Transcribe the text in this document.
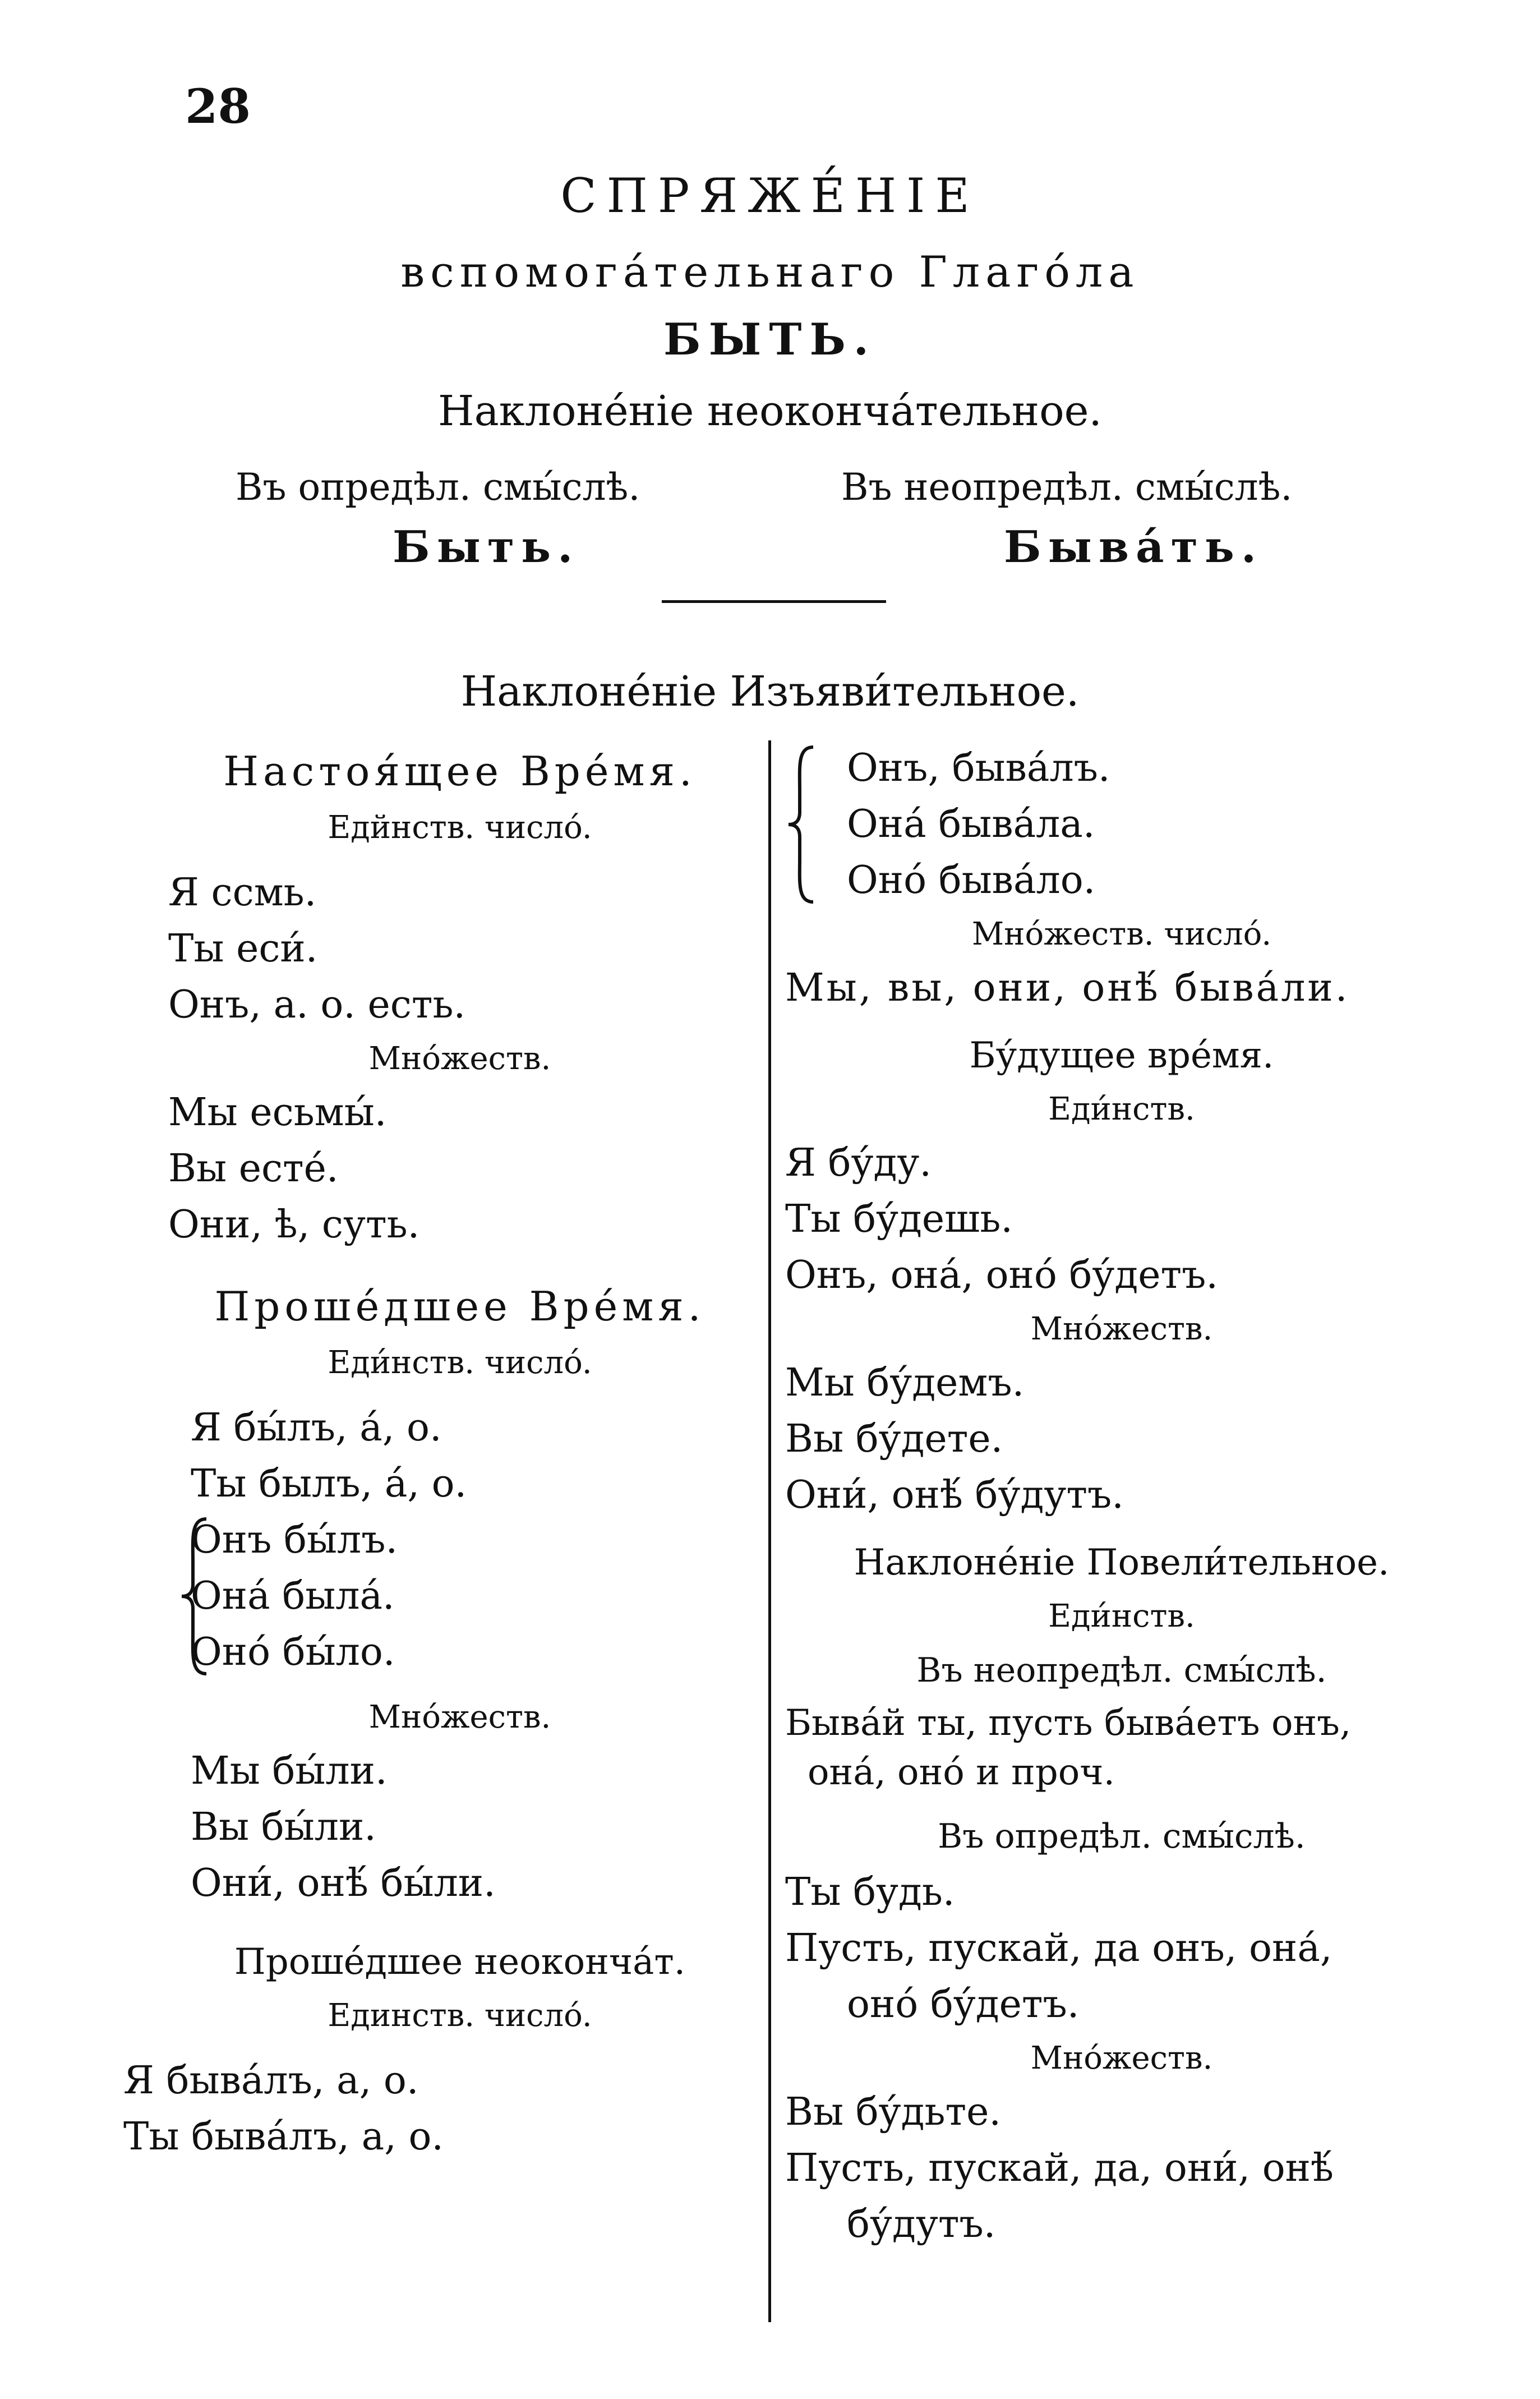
28
СПРЯЖЕ́НІЕ
вспомога́тельнаго Глаго́ла
БЫТЬ.
Наклоне́ніе неоконча́тельное.
Въ опредѣл. смы́слѣ.	Въ неопредѣл. смы́слѣ.
Быть.	Быва́ть.
Наклоне́ніе Изъяви́тельное.
Настоя́щее Вре́мя.
Едйнств. числó.
Я ссмь.
Ты еси́.
Онъ, а. о. есть.
Мнóжеств.
Мы есьмы́.
Вы есте́.
Они, ѣ, суть.
Проше́дшее Вре́мя.
Еди́нств. числó.
Я бы́лъ, а́, о.
Ты былъ, а́, о.
Онъ бы́лъ.
Она́ была́.
Оно́ бы́ло.
Мнóжеств.
Мы бы́ли.
Вы бы́ли.
Они́, онѣ́ бы́ли.
Проше́дшее неоконча́т.
Единств. числó.
Я быва́лъ, а, о.
Ты быва́лъ, а, о.
Онъ, быва́лъ.
Она́ быва́ла.
Оно́ быва́ло.
Мнóжеств. числó.
Мы, вы, они, онѣ́ быва́ли.
Бу́дущее вре́мя.
Еди́нств.
Я бу́ду.
Ты бу́дешь.
Онъ, она́, оно́ бу́детъ.
Мнóжеств.
Мы бу́демъ.
Вы бу́дете.
Они́, онѣ́ бу́дутъ.
Наклоне́ніе Повели́тельное.
Еди́нств.
Въ неопредѣл. смы́слѣ.
Быва́й ты, пусть быва́етъ онъ,
она́, оно́ и проч.
Въ опредѣл. смы́слѣ.
Ты будь.
Пусть, пускай, да онъ, она́,
оно́ бу́детъ.
Мнóжеств.
Вы бу́дьте.
Пусть, пускай, да, они́, онѣ́
бу́дутъ.
